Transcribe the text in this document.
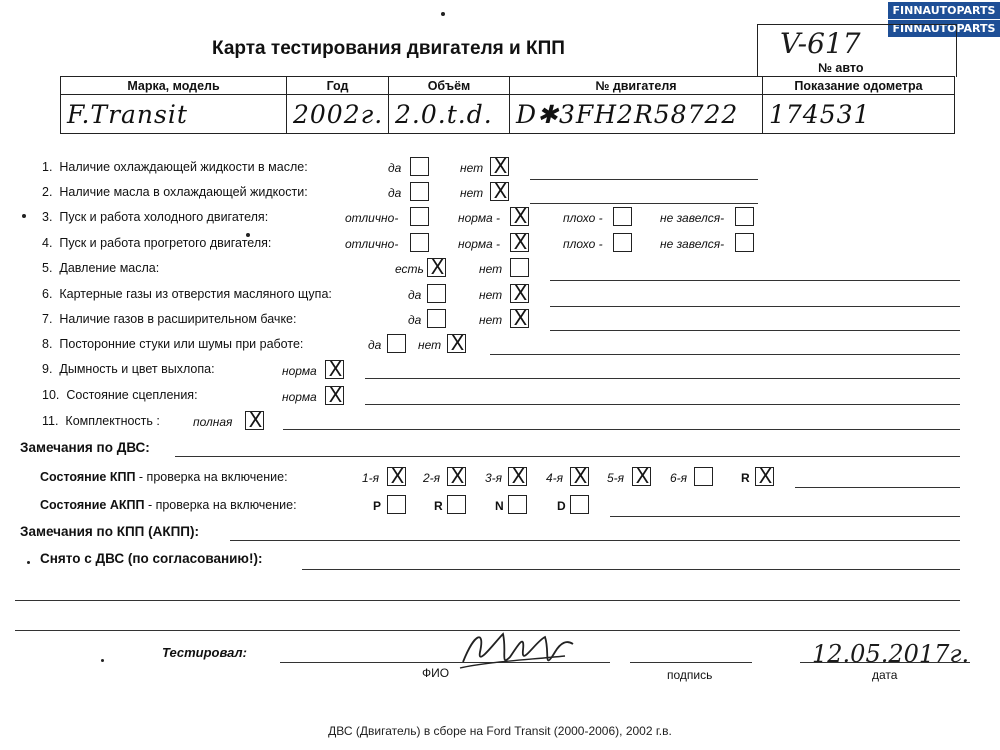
FINNAUTOPARTS
FINNAUTOPARTS
Карта тестирования двигателя и КПП	V-617
№ авто
Марка, модель	Год	Объём	№ двигателя	Показание одометра
F.Transit	2002г.	2.0.t.d.	D✱3FH2R58722	174531
1. Наличие охлаждающей жидкости в масле:	да	нет X
2. Наличие масла в охлаждающей жидкости:	да	нет X
3. Пуск и работа холодного двигателя:	отлично-	норма - X	плохо -	не завелся-
4. Пуск и работа прогретого двигателя:	отлично-	норма - X	плохо -	не завелся-
5. Давление масла:	есть X	нет
6. Картерные газы из отверстия масляного щупа:	да	нет X
7. Наличие газов в расширительном бачке:	да	нет X
8. Посторонние стуки или шумы при работе:	да	нет X
9. Дымность и цвет выхлопа:	норма X
10. Состояние сцепления:	норма X
11. Комплектность :	полная X
Замечания по ДВС:
Состояние КПП - проверка на включение:	1-я X 2-я X 3-я X 4-я X 5-я X 6-я	R X
Состояние АКПП - проверка на включение:	P	R	N	D
Замечания по КПП (АКПП):
Снято с ДВС (по согласованию!):
Тестировал:
ФИО	подпись	дата
12.05.2017г.
ДВС (Двигатель) в сборе на Ford Transit (2000-2006), 2002 г.в.
